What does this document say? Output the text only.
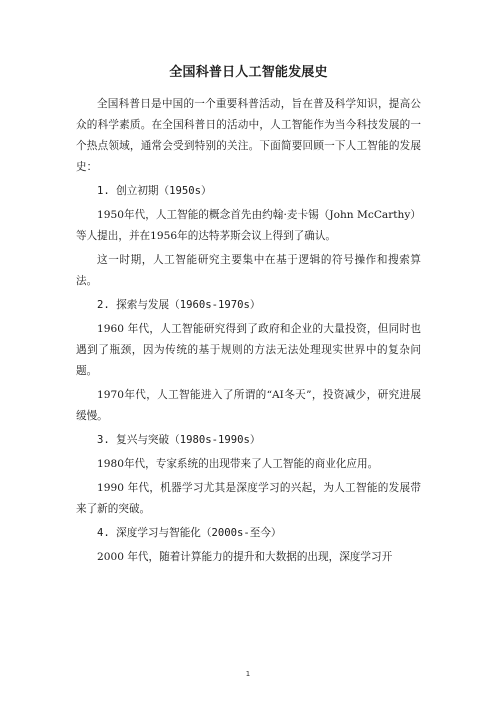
全国科普日人工智能发展史

全国科普日是中国的一个重要科普活动，旨在普及科学知识，提高公众的科学素质。在全国科普日的活动中，人工智能作为当今科技发展的一个热点领域，通常会受到特别的关注。下面简要回顾一下人工智能的发展史：

1. 创立初期（1950s）

1950年代，人工智能的概念首先由约翰·麦卡锡（John McCarthy）等人提出，并在1956年的达特茅斯会议上得到了确认。

这一时期，人工智能研究主要集中在基于逻辑的符号操作和搜索算法。

2. 探索与发展（1960s-1970s）

1960 年代，人工智能研究得到了政府和企业的大量投资，但同时也遇到了瓶颈，因为传统的基于规则的方法无法处理现实世界中的复杂问题。

1970年代，人工智能进入了所谓的“AI冬天”，投资减少，研究进展缓慢。

3. 复兴与突破（1980s-1990s）

1980年代，专家系统的出现带来了人工智能的商业化应用。

1990 年代，机器学习尤其是深度学习的兴起，为人工智能的发展带来了新的突破。

4. 深度学习与智能化（2000s-至今）

2000 年代，随着计算能力的提升和大数据的出现，深度学习开

1
